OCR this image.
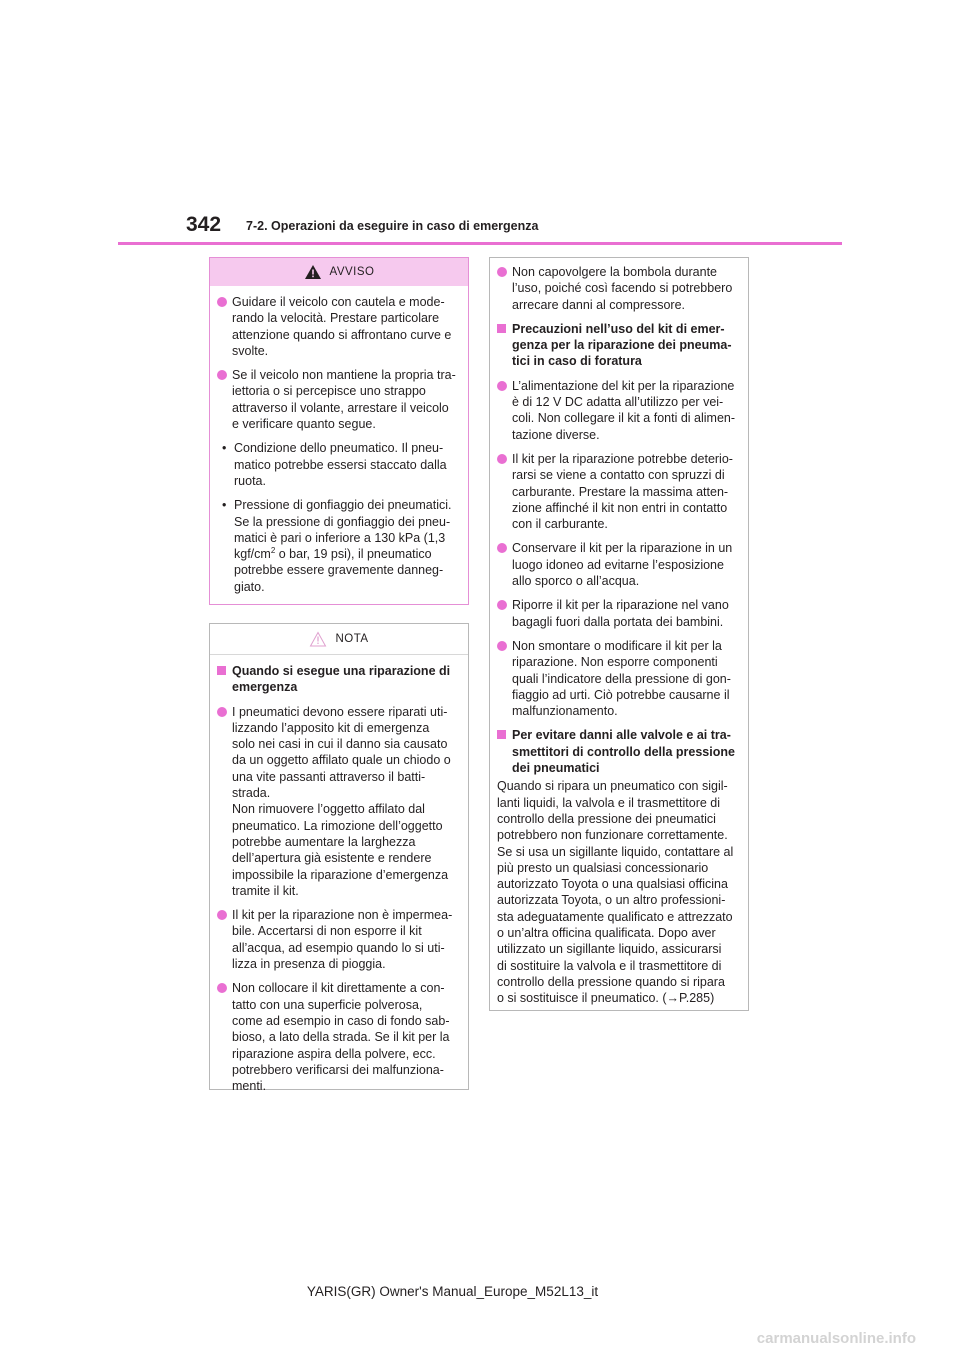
342 7-2. Operazioni da eseguire in caso di emergenza
AVVISO
Guidare il veicolo con cautela e mode-
rando la velocità. Prestare particolare
attenzione quando si affrontano curve e
svolte.
Se il veicolo non mantiene la propria tra-
iettoria o si percepisce uno strappo
attraverso il volante, arrestare il veicolo
e verificare quanto segue.
• Condizione dello pneumatico. Il pneu-
matico potrebbe essersi staccato dalla
ruota.
• Pressione di gonfiaggio dei pneumatici.
Se la pressione di gonfiaggio dei pneu-
matici è pari o inferiore a 130 kPa (1,3
kgf/$cm^2$ o bar, 19 psi), il pneumatico
potrebbe essere gravemente danneg-
giato.
NOTA
Quando si esegue una riparazione di
emergenza
I pneumatici devono essere riparati uti-
lizzando l’apposito kit di emergenza
solo nei casi in cui il danno sia causato
da un oggetto affilato quale un chiodo o
una vite passanti attraverso il batti-
strada.
Non rimuovere l’oggetto affilato dal
pneumatico. La rimozione dell’oggetto
potrebbe aumentare la larghezza
dell’apertura già esistente e rendere
impossibile la riparazione d’emergenza
tramite il kit.
Il kit per la riparazione non è impermea-
bile. Accertarsi di non esporre il kit
all’acqua, ad esempio quando lo si uti-
lizza in presenza di pioggia.
Non collocare il kit direttamente a con-
tatto con una superficie polverosa,
come ad esempio in caso di fondo sab-
bioso, a lato della strada. Se il kit per la
riparazione aspira della polvere, ecc.
potrebbero verificarsi dei malfunziona-
menti.
Non capovolgere la bombola durante
l’uso, poiché così facendo si potrebbero
arrecare danni al compressore.
Precauzioni nell’uso del kit di emer-
genza per la riparazione dei pneuma-
tici in caso di foratura
L’alimentazione del kit per la riparazione
è di 12 V DC adatta all’utilizzo per vei-
coli. Non collegare il kit a fonti di alimen-
tazione diverse.
Il kit per la riparazione potrebbe deterio-
rarsi se viene a contatto con spruzzi di
carburante. Prestare la massima atten-
zione affinché il kit non entri in contatto
con il carburante.
Conservare il kit per la riparazione in un
luogo idoneo ad evitarne l’esposizione
allo sporco o all’acqua.
Riporre il kit per la riparazione nel vano
bagagli fuori dalla portata dei bambini.
Non smontare o modificare il kit per la
riparazione. Non esporre componenti
quali l’indicatore della pressione di gon-
fiaggio ad urti. Ciò potrebbe causarne il
malfunzionamento.
Per evitare danni alle valvole e ai tra-
smettitori di controllo della pressione
dei pneumatici
Quando si ripara un pneumatico con sigil-
lanti liquidi, la valvola e il trasmettitore di
controllo della pressione dei pneumatici
potrebbero non funzionare correttamente.
Se si usa un sigillante liquido, contattare al
più presto un qualsiasi concessionario
autorizzato Toyota o una qualsiasi officina
autorizzata Toyota, o un altro professioni-
sta adeguatamente qualificato e attrezzato
o un’altra officina qualificata. Dopo aver
utilizzato un sigillante liquido, assicurarsi
di sostituire la valvola e il trasmettitore di
controllo della pressione quando si ripara
o si sostituisce il pneumatico. (→P.285)
YARIS(GR) Owner's Manual_Europe_M52L13_it
carmanualsonline.info
